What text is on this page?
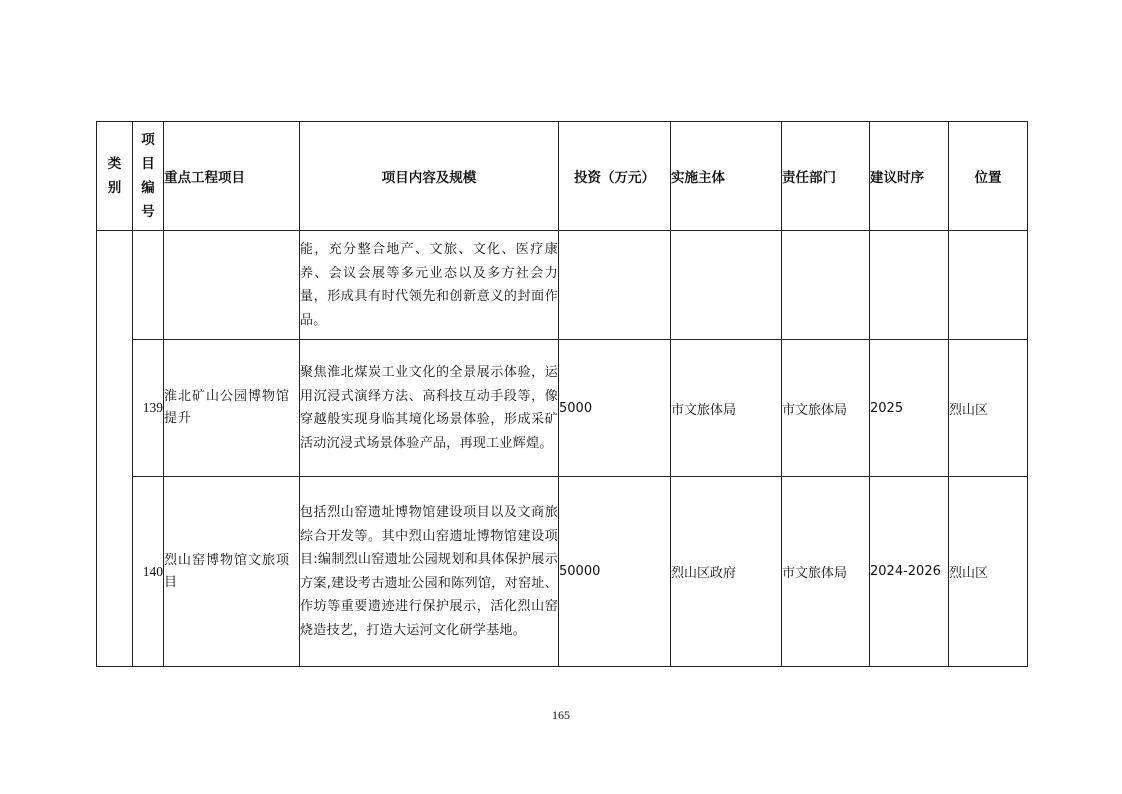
类
别	项
目
编
号	重点工程项目	项目内容及规模	投资（万元）	实施主体	责任部门	建议时序	位置
			能，充分整合地产、文旅、文化、医疗康养、会议会展等多元业态以及多方社会力量，形成具有时代领先和创新意义的封面作品。					
	139	淮北矿山公园博物馆提升	聚焦淮北煤炭工业文化的全景展示体验，运用沉浸式演绎方法、高科技互动手段等，像穿越般实现身临其境化场景体验，形成采矿活动沉浸式场景体验产品，再现工业辉煌。	5000	市文旅体局	市文旅体局	2025	烈山区
	140	烈山窑博物馆文旅项目	包括烈山窑遗址博物馆建设项目以及文商旅综合开发等。其中烈山窑遗址博物馆建设项目:编制烈山窑遗址公园规划和具体保护展示方案,建设考古遗址公园和陈列馆，对窑址、作坊等重要遗迹进行保护展示，活化烈山窑烧造技艺，打造大运河文化研学基地。	50000	烈山区政府	市文旅体局	2024-2026	烈山区
165
